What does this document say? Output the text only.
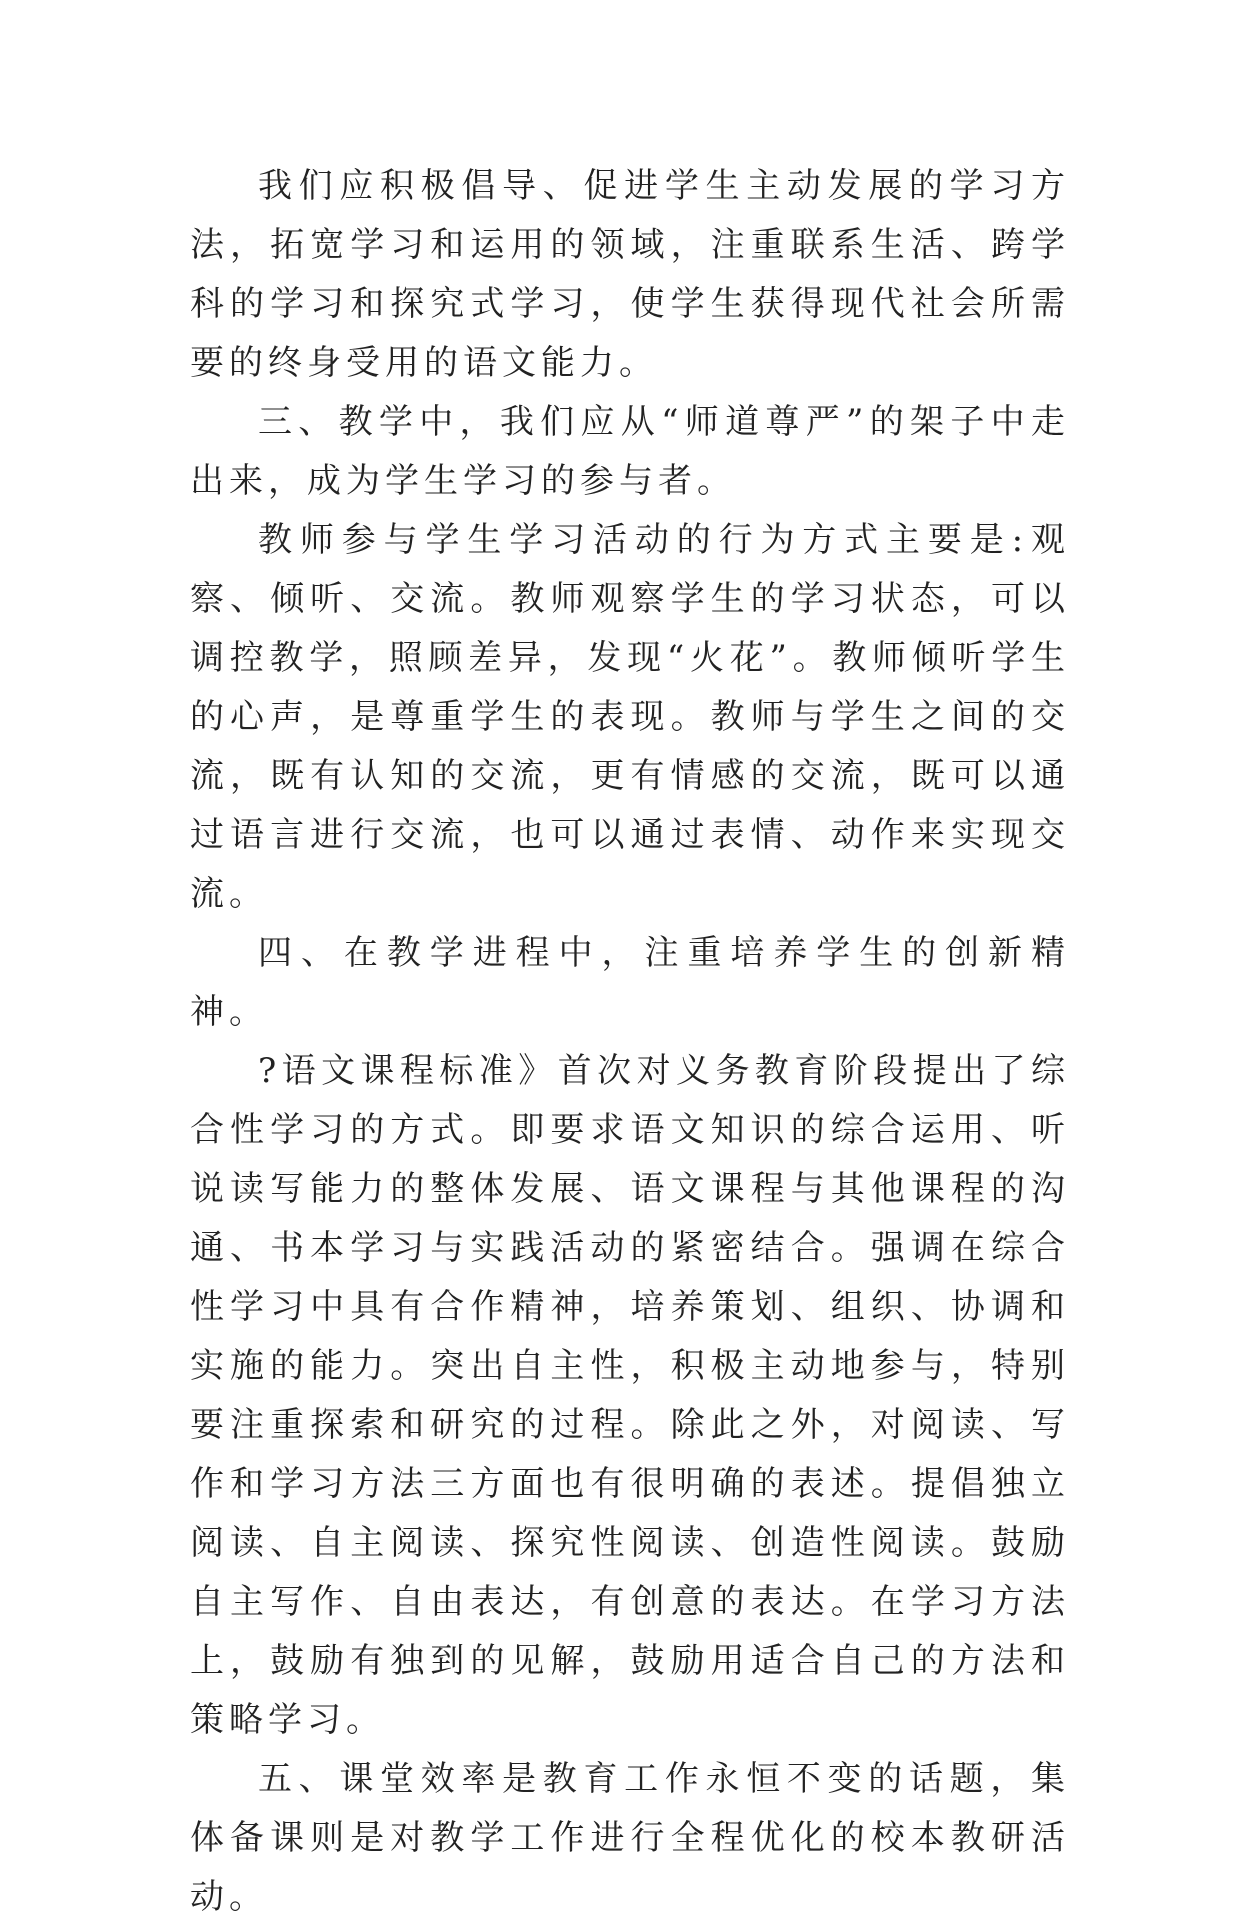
我们应积极倡导、促进学生主动发展的学习方法，拓宽学习和运用的领域，注重联系生活、跨学科的学习和探究式学习，使学生获得现代社会所需要的终身受用的语文能力。

三、教学中，我们应从“师道尊严”的架子中走出来，成为学生学习的参与者。

教师参与学生学习活动的行为方式主要是:观察、倾听、交流。教师观察学生的学习状态，可以调控教学，照顾差异，发现“火花”。教师倾听学生的心声，是尊重学生的表现。教师与学生之间的交流，既有认知的交流，更有情感的交流，既可以通过语言进行交流，也可以通过表情、动作来实现交流。

四、在教学进程中，注重培养学生的创新精神。

?语文课程标准》首次对义务教育阶段提出了综合性学习的方式。即要求语文知识的综合运用、听说读写能力的整体发展、语文课程与其他课程的沟通、书本学习与实践活动的紧密结合。强调在综合性学习中具有合作精神，培养策划、组织、协调和实施的能力。突出自主性，积极主动地参与，特别要注重探索和研究的过程。除此之外，对阅读、写作和学习方法三方面也有很明确的表述。提倡独立阅读、自主阅读、探究性阅读、创造性阅读。鼓励自主写作、自由表达，有创意的表达。在学习方法上，鼓励有独到的见解，鼓励用适合自己的方法和策略学习。

五、课堂效率是教育工作永恒不变的话题，集体备课则是对教学工作进行全程优化的校本教研活动。
